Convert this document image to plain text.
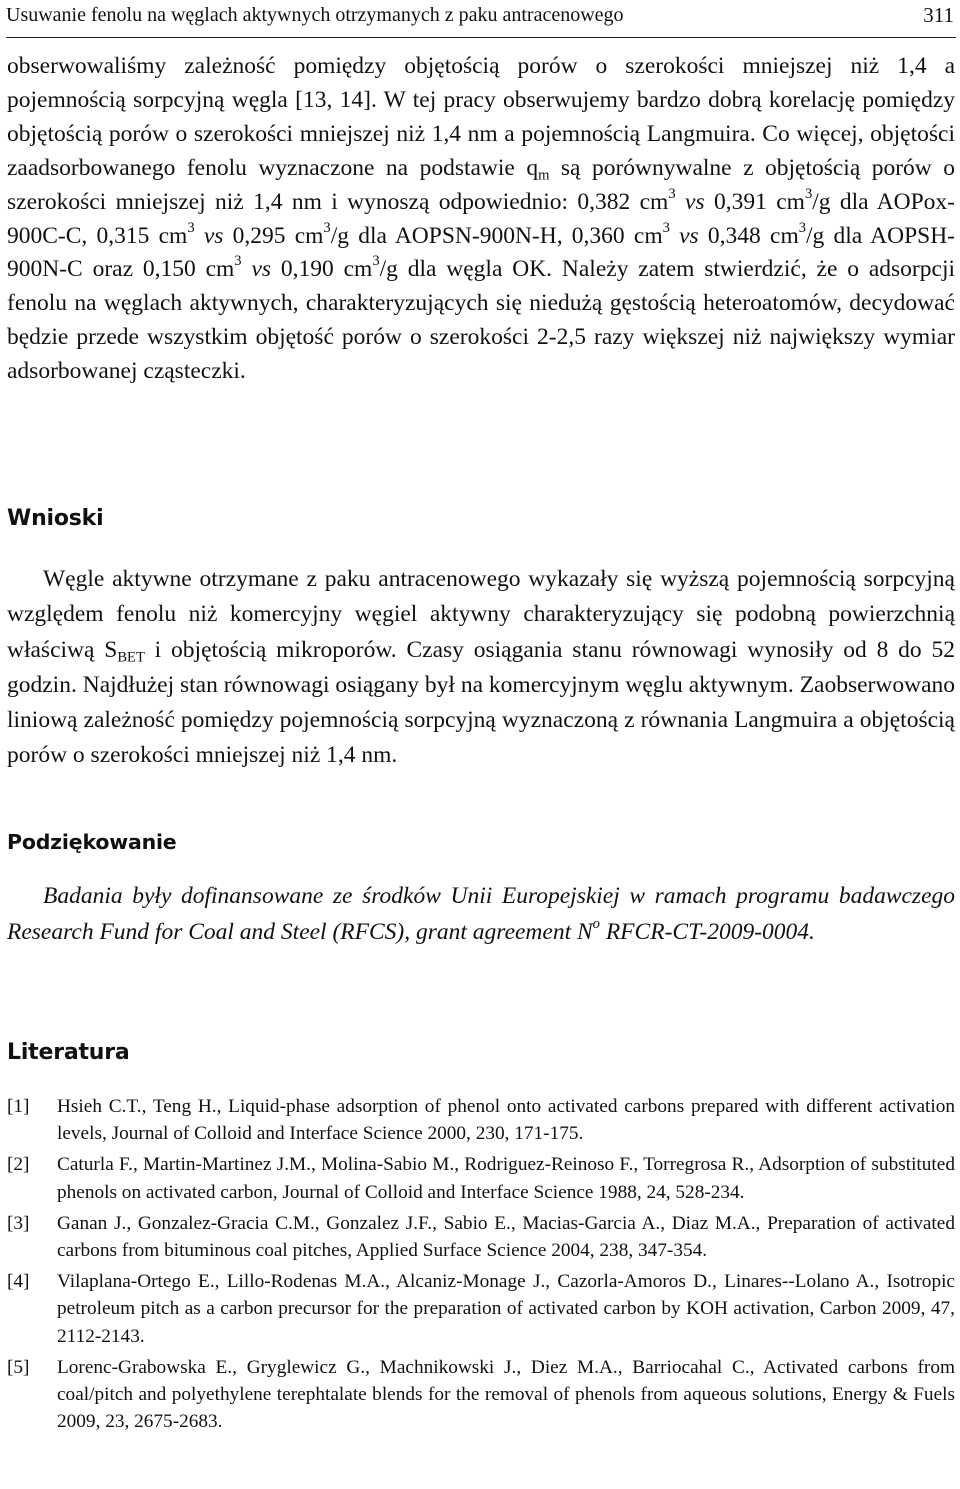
Usuwanie fenolu na węglach aktywnych otrzymanych z paku antracenowego	311

obserwowaliśmy zależność pomiędzy objętością porów o szerokości mniejszej niż 1,4 a pojemnością sorpcyjną węgla [13, 14]. W tej pracy obserwujemy bardzo dobrą korelację pomiędzy objętością porów o szerokości mniejszej niż 1,4 nm a pojemnością Langmuira. Co więcej, objętości zaadsorbowanego fenolu wyznaczone na podstawie $q_m$ są porównywalne z objętością porów o szerokości mniejszej niż 1,4 nm i wynoszą odpowiednio: 0,382 $cm^3$ vs 0,391 $cm^3/g$ dla AOPox-900C-C, 0,315 $cm^3$ vs 0,295 $cm^3/g$ dla AOPSN-900N-H, 0,360 $cm^3$ vs 0,348 $cm^3/g$ dla AOPSH-900N-C oraz 0,150 $cm^3$ vs 0,190 $cm^3/g$ dla węgla OK. Należy zatem stwierdzić, że o adsorpcji fenolu na węglach aktywnych, charakteryzujących się niedużą gęstością heteroatomów, decydować będzie przede wszystkim objętość porów o szerokości 2-2,5 razy większej niż największy wymiar adsorbowanej cząsteczki.

Wnioski

Węgle aktywne otrzymane z paku antracenowego wykazały się wyższą pojemnością sorpcyjną względem fenolu niż komercyjny węgiel aktywny charakteryzujący się podobną powierzchnią właściwą $S_{BET}$ i objętością mikroporów. Czasy osiągania stanu równowagi wynosiły od 8 do 52 godzin. Najdłużej stan równowagi osiągany był na komercyjnym węglu aktywnym. Zaobserwowano liniową zależność pomiędzy pojemnością sorpcyjną wyznaczoną z równania Langmuira a objętością porów o szerokości mniejszej niż 1,4 nm.

Podziękowanie

Badania były dofinansowane ze środków Unii Europejskiej w ramach programu badawczego Research Fund for Coal and Steel (RFCS), grant agreement $N^o$ RFCR-CT-2009-0004.

Literatura
[1] Hsieh C.T., Teng H., Liquid-phase adsorption of phenol onto activated carbons prepared with different activation levels, Journal of Colloid and Interface Science 2000, 230, 171-175.
[2] Caturla F., Martin-Martinez J.M., Molina-Sabio M., Rodriguez-Reinoso F., Torregrosa R., Adsorption of substituted phenols on activated carbon, Journal of Colloid and Interface Science 1988, 24, 528-234.
[3] Ganan J., Gonzalez-Gracia C.M., Gonzalez J.F., Sabio E., Macias-Garcia A., Diaz M.A., Preparation of activated carbons from bituminous coal pitches, Applied Surface Science 2004, 238, 347-354.
[4] Vilaplana-Ortego E., Lillo-Rodenas M.A., Alcaniz-Monage J., Cazorla-Amoros D., Linares--Lolano A., Isotropic petroleum pitch as a carbon precursor for the preparation of activated carbon by KOH activation, Carbon 2009, 47, 2112-2143.
[5] Lorenc-Grabowska E., Gryglewicz G., Machnikowski J., Diez M.A., Barriocahal C., Activated carbons from coal/pitch and polyethylene terephtalate blends for the removal of phenols from aqueous solutions, Energy & Fuels 2009, 23, 2675-2683.
